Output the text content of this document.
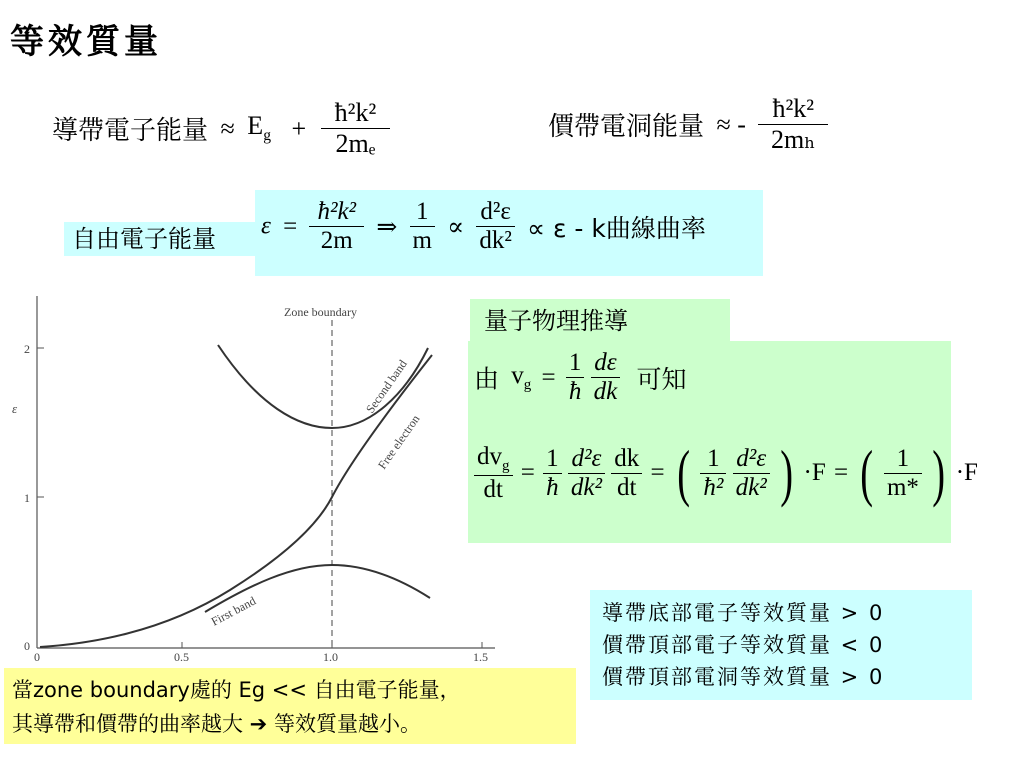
等效質量
導帶電子能量 ≈ $E_g + \frac{\text{ħ²k²}}{\text{2mₑ}}$	價帶電洞能量 ≈ - $\frac{\text{ħ²k²}}{\text{2mₕ}}$
自由電子能量	$\varepsilon = \frac{\text{ħ²k²}}{2m}$ ⇒ $\frac{1}{m} \propto \frac{\text{d²ε}}{\text{dk²}} \propto \varepsilon - k$曲線曲率
2
1
0
0	0.5	1.0	1.5
ε
Zone boundary
Second band
Free electron
First band
量子物理推導
由 $v_g = \frac{1}{ħ}$
$\frac{d\varepsilon}{dk}$ 可知
$\frac{dv_g}{dt} = \frac{1}{ħ}$
$\frac{\text{d²ε}}{\text{dk²}}$
$\frac{dk}{dt}$ = ( $\frac{1}{\text{ħ²}}$
$\frac{\text{d²ε}}{\text{dk²}}$ ) ·F = ( $\frac{1}{m*}$ ) ·F
導帶底部電子等效質量 > 0
價帶頂部電子等效質量 < 0
價帶頂部電洞等效質量 > 0
當zone boundary處的 Eg << 自由電子能量，
其導帶和價帶的曲率越大 ➔ 等效質量越小。
